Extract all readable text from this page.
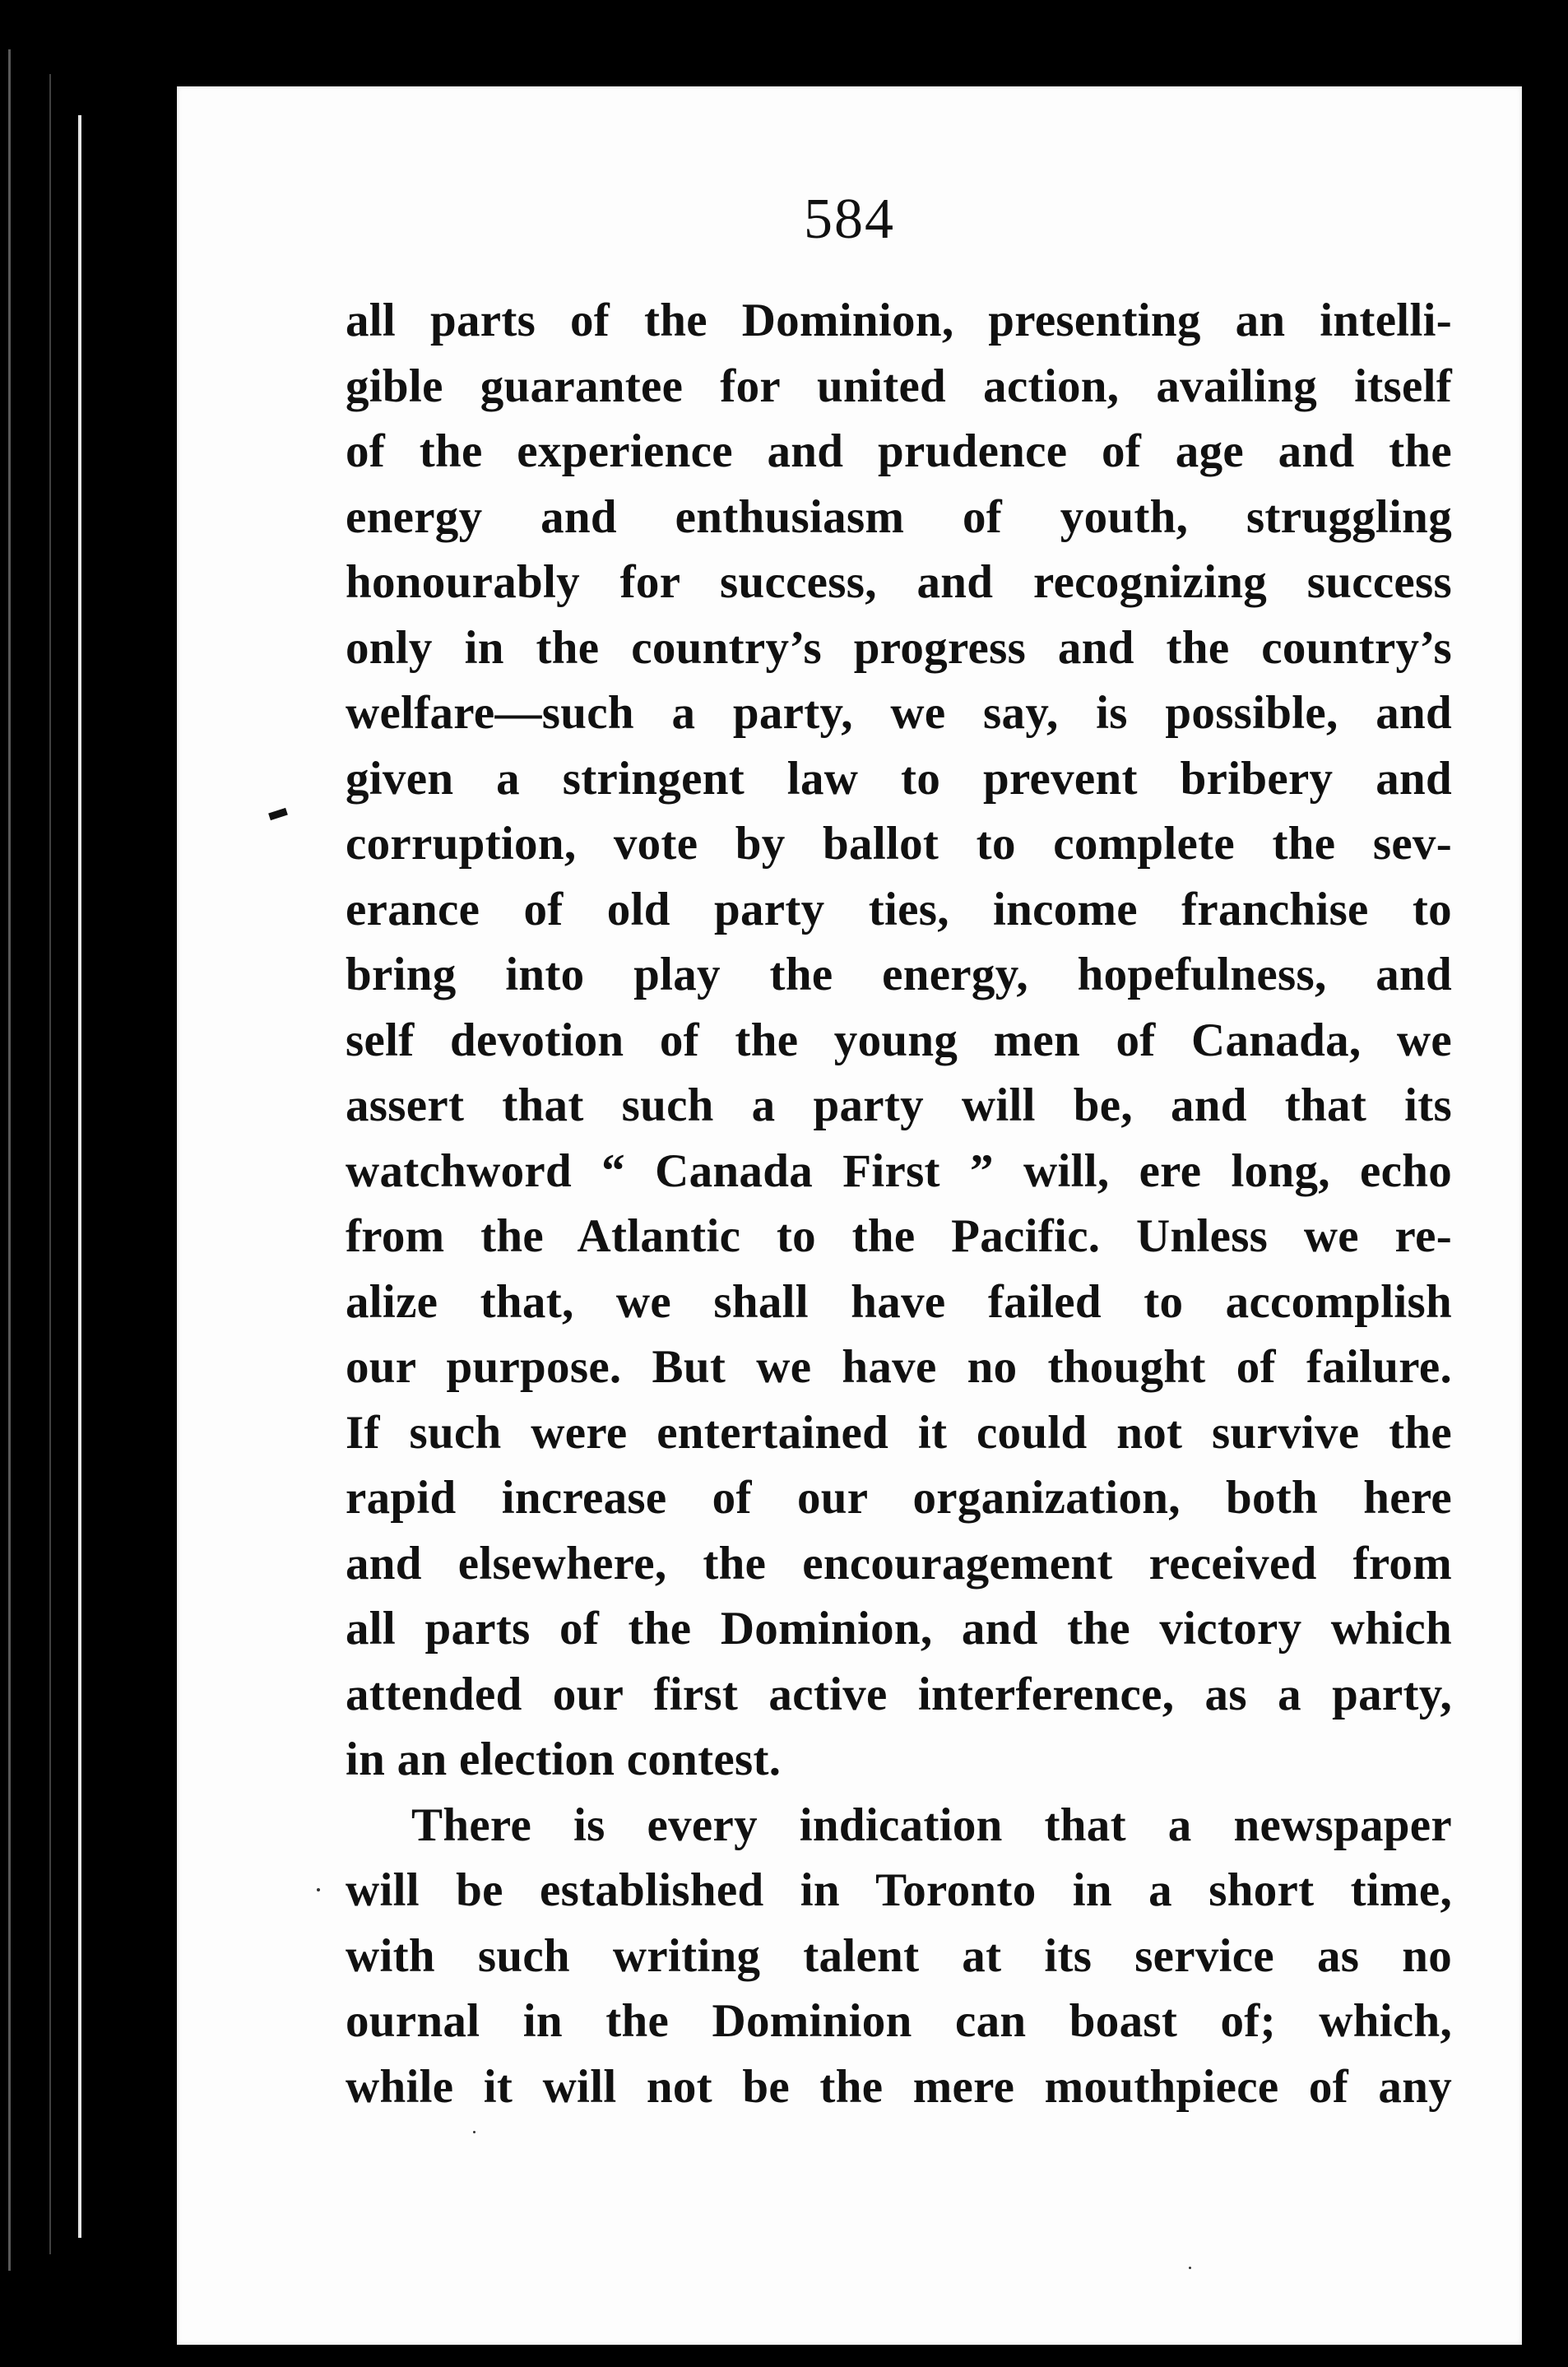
584
all parts of the Dominion, presenting an intelli-
gible guarantee for united action, availing itself
of the experience and prudence of age and the
energy and enthusiasm of youth, struggling
honourably for success, and recognizing success
only in the country’s progress and the country’s
welfare—such a party, we say, is possible, and
given a stringent law to prevent bribery and
corruption, vote by ballot to complete the sev-
erance of old party ties, income franchise to
bring into play the energy, hopefulness, and
self devotion of the young men of Canada, we
assert that such a party will be, and that its
watchword “ Canada First ” will, ere long, echo
from the Atlantic to the Pacific. Unless we re-
alize that, we shall have failed to accomplish
our purpose. But we have no thought of failure.
If such were entertained it could not survive the
rapid increase of our organization, both here
and elsewhere, the encouragement received from
all parts of the Dominion, and the victory which
attended our first active interference, as a party,
in an election contest.
There is every indication that a newspaper
will be established in Toronto in a short time,
with such writing talent at its service as no
ournal in the Dominion can boast of; which,
while it will not be the mere mouthpiece of any
